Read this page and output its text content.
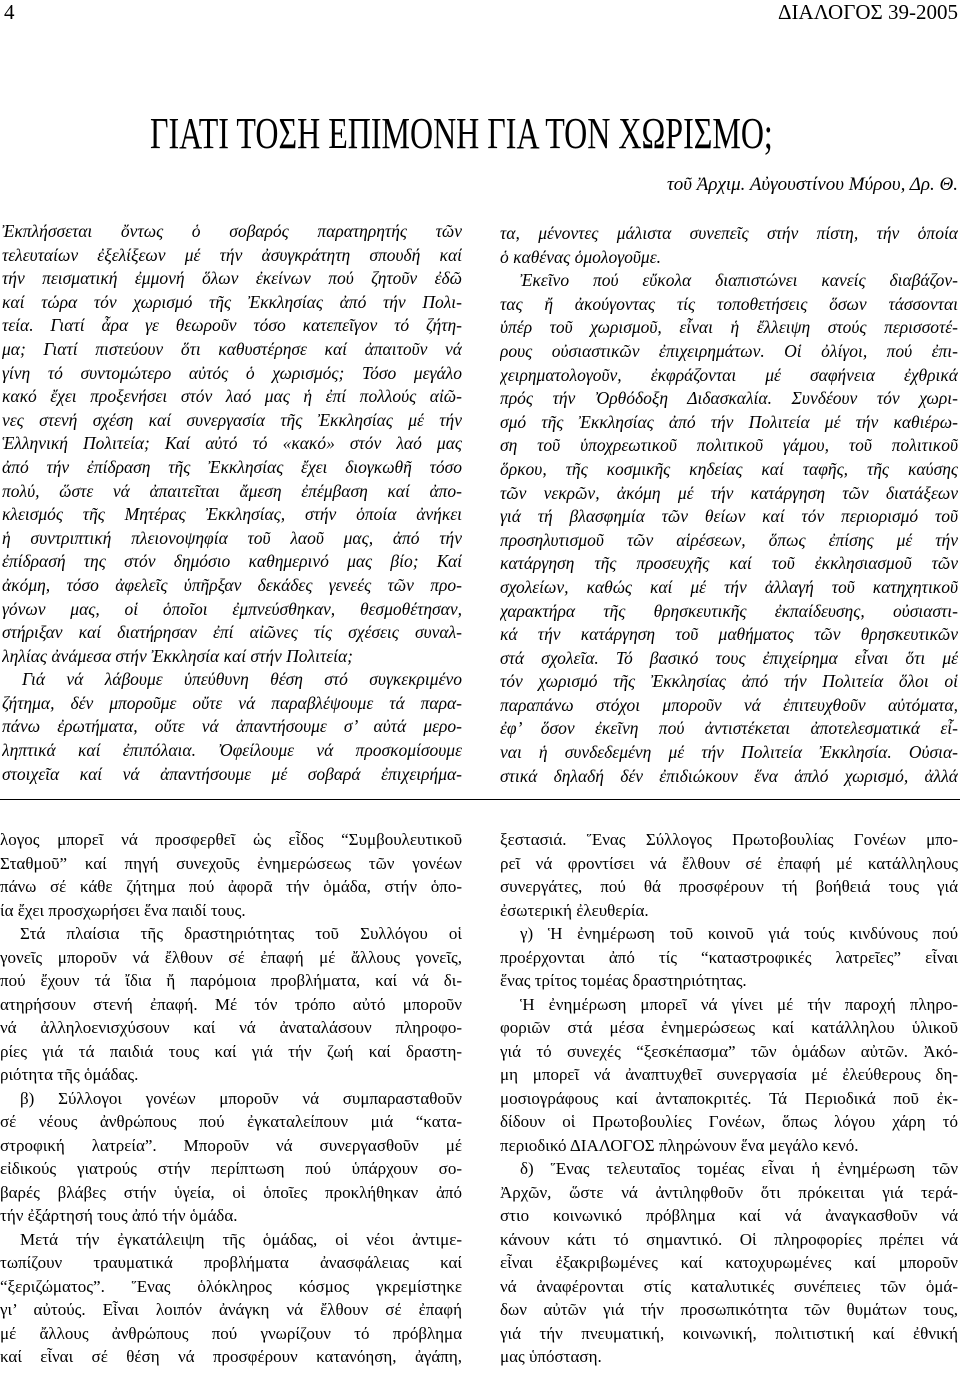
4	ΔΙΑΛΟΓΟΣ 39-2005
ΓΙΑΤΙ ΤΟΣΗ ΕΠΙΜΟΝΗ ΓΙΑ ΤΟΝ ΧΩΡΙΣΜΟ;
τοῦ Ἀρχιμ. Αὐγουστίνου Μύρου, Δρ. Θ.
Ἐκπλήσσεται ὄντως ὁ σοβαρός παρατηρητής τῶν
τελευταίων ἐξελίξεων μέ τήν ἀσυγκράτητη σπουδή καί
τήν πεισματική ἐμμονή ὅλων ἐκείνων πού ζητοῦν ἐδῶ
καί τώρα τόν χωρισμό τῆς Ἐκκλησίας ἀπό τήν Πολι-
τεία. Γιατί ἆρα γε θεωροῦν τόσο κατεπεῖγον τό ζήτη-
μα; Γιατί πιστεύουν ὅτι καθυστέρησε καί ἀπαιτοῦν νά
γίνη τό συντομώτερο αὐτός ὁ χωρισμός; Τόσο μεγάλο
κακό ἔχει προξενήσει στόν λαό μας ἡ ἐπί πολλούς αἰῶ-
νες στενή σχέση καί συνεργασία τῆς Ἐκκλησίας μέ τήν
Ἑλληνική Πολιτεία; Καί αὐτό τό «κακό» στόν λαό μας
ἀπό τήν ἐπίδραση τῆς Ἐκκλησίας ἔχει διογκωθῆ τόσο
πολύ, ὥστε νά ἀπαιτεῖται ἄμεση ἐπέμβαση καί ἀπο-
κλεισμός τῆς Μητέρας Ἐκκλησίας, στήν ὁποία ἀνήκει
ἡ συντριπτική πλειονοψηφία τοῦ λαοῦ μας, ἀπό τήν
ἐπίδρασή της στόν δημόσιο καθημερινό μας βίο; Καί
ἀκόμη, τόσο ἀφελεῖς ὑπῆρξαν δεκάδες γενεές τῶν προ-
γόνων μας, οἱ ὁποῖοι ἐμπνεύσθηκαν, θεσμοθέτησαν,
στήριξαν καί διατήρησαν ἐπί αἰῶνες τίς σχέσεις συναλ-
ληλίας ἀνάμεσα στήν Ἐκκλησία καί στήν Πολιτεία;
Γιά νά λάβουμε ὑπεύθυνη θέση στό συγκεκριμένο
ζήτημα, δέν μποροῦμε οὔτε νά παραβλέψουμε τά παρα-
πάνω ἐρωτήματα, οὔτε νά ἀπαντήσουμε σ’ αὐτά μερο-
ληπτικά καί ἐπιπόλαια. Ὀφείλουμε νά προσκομίσουμε
στοιχεῖα καί νά ἀπαντήσουμε μέ σοβαρά ἐπιχειρήμα-
τα, μένοντες μάλιστα συνεπεῖς στήν πίστη, τήν ὁποία
ὁ καθένας ὁμολογοῦμε.
Ἐκεῖνο πού εὔκολα διαπιστώνει κανείς διαβάζον-
τας ἤ ἀκούγοντας τίς τοποθετήσεις ὅσων τάσσονται
ὑπέρ τοῦ χωρισμοῦ, εἶναι ἡ ἔλλειψη στούς περισσοτέ-
ρους οὐσιαστικῶν ἐπιχειρημάτων. Οἱ ὀλίγοι, πού ἐπι-
χειρηματολογοῦν, ἐκφράζονται μέ σαφήνεια ἐχθρικά
πρός τήν Ὀρθόδοξη Διδασκαλία. Συνδέουν τόν χωρι-
σμό τῆς Ἐκκλησίας ἀπό τήν Πολιτεία μέ τήν καθιέρω-
ση τοῦ ὑποχρεωτικοῦ πολιτικοῦ γάμου, τοῦ πολιτικοῦ
ὅρκου, τῆς κοσμικῆς κηδείας καί ταφῆς, τῆς καύσης
τῶν νεκρῶν, ἀκόμη μέ τήν κατάργηση τῶν διατάξεων
γιά τή βλασφημία τῶν θείων καί τόν περιορισμό τοῦ
προσηλυτισμοῦ τῶν αἱρέσεων, ὅπως ἐπίσης μέ τήν
κατάργηση τῆς προσευχῆς καί τοῦ ἐκκλησιασμοῦ τῶν
σχολείων, καθώς καί μέ τήν ἀλλαγή τοῦ κατηχητικοῦ
χαρακτήρα τῆς θρησκευτικῆς ἐκπαίδευσης, οὐσιαστι-
κά τήν κατάργηση τοῦ μαθήματος τῶν θρησκευτικῶν
στά σχολεῖα. Τό βασικό τους ἐπιχείρημα εἶναι ὅτι μέ
τόν χωρισμό τῆς Ἐκκλησίας ἀπό τήν Πολιτεία ὅλοι οἱ
παραπάνω στόχοι μποροῦν νά ἐπιτευχθοῦν αὐτόματα,
ἐφ’ ὅσον ἐκεῖνη πού ἀντιστέκεται ἀποτελεσματικά εἶ-
ναι ἡ συνδεδεμένη μέ τήν Πολιτεία Ἐκκλησία. Οὐσια-
στικά δηλαδή δέν ἐπιδιώκουν ἕνα ἁπλό χωρισμό, ἀλλά
λογος μπορεῖ νά προσφερθεῖ ὡς εἶδος “Συμβουλευτικοῦ
Σταθμοῦ” καί πηγή συνεχοῦς ἐνημερώσεως τῶν γονέων
πάνω σέ κάθε ζήτημα πού ἀφορᾶ τήν ὁμάδα, στήν ὁπο-
ία ἔχει προσχωρήσει ἕνα παιδί τους.
Στά πλαίσια τῆς δραστηριότητας τοῦ Συλλόγου οἱ
γονεῖς μποροῦν νά ἔλθουν σέ ἐπαφή μέ ἄλλους γονεῖς,
πού ἔχουν τά ἴδια ἤ παρόμοια προβλήματα, καί νά δι-
ατηρήσουν στενή ἐπαφή. Μέ τόν τρόπο αὐτό μποροῦν
νά ἀλληλοενισχύσουν καί νά ἀναταλάσουν πληροφο-
ρίες γιά τά παιδιά τους καί γιά τήν ζωή καί δραστη-
ριότητα τῆς ὁμάδας.
β) Σύλλογοι γονέων μποροῦν νά συμπαρασταθοῦν
σέ νέους ἀνθρώπους πού ἐγκαταλείπουν μιά “κατα-
στροφική λατρεία”. Μποροῦν νά συνεργασθοῦν μέ
εἰδικούς γιατρούς στήν περίπτωση πού ὑπάρχουν σο-
βαρές βλάβες στήν ὑγεία, οἱ ὁποῖες προκλήθηκαν ἀπό
τήν ἐξάρτησή τους ἀπό τήν ὁμάδα.
Μετά τήν ἐγκατάλειψη τῆς ὁμάδας, οἱ νέοι ἀντιμε-
τωπίζουν τραυματικά προβλήματα ἀνασφάλειας καί
“ξεριζώματος”. Ἕνας ὁλόκληρος κόσμος γκρεμίστηκε
γι’ αὐτούς. Εἶναι λοιπόν ἀνάγκη νά ἔλθουν σέ ἐπαφή
μέ ἄλλους ἀνθρώπους πού γνωρίζουν τό πρόβλημα
καί εἶναι σέ θέση νά προσφέρουν κατανόηση, ἀγάπη,
ξεστασιά. Ἕνας Σύλλογος Πρωτοβουλίας Γονέων μπο-
ρεῖ νά φροντίσει νά ἔλθουν σέ ἐπαφή μέ κατάλληλους
συνεργάτες, πού θά προσφέρουν τή βοήθειά τους γιά
ἐσωτερική ἐλευθερία.
γ) Ἡ ἐνημέρωση τοῦ κοινοῦ γιά τούς κινδύνους πού
προέρχονται ἀπό τίς “καταστροφικές λατρεῖες” εἶναι
ἕνας τρίτος τομέας δραστηριότητας.
Ἡ ἐνημέρωση μπορεῖ νά γίνει μέ τήν παροχή πληρο-
φοριῶν στά μέσα ἐνημερώσεως καί κατάλληλου ὑλικοῦ
γιά τό συνεχές “ξεσκέπασμα” τῶν ὁμάδων αὐτῶν. Ἀκό-
μη μπορεῖ νά ἀναπτυχθεῖ συνεργασία μέ ἐλεύθερους δη-
μοσιογράφους καί ἀνταποκριτές. Τά Περιοδικά ποῦ ἐκ-
δίδουν οἱ Πρωτοβουλίες Γονέων, ὅπως λόγου χάρη τό
περιοδικό ΔΙΑΛΟΓΟΣ πληρώνουν ἕνα μεγάλο κενό.
δ) Ἕνας τελευταῖος τομέας εἶναι ἡ ἐνημέρωση τῶν
Ἀρχῶν, ὥστε νά ἀντιληφθοῦν ὅτι πρόκειται γιά τερά-
στιο κοινωνικό πρόβλημα καί νά ἀναγκασθοῦν νά
κάνουν κάτι τό σημαντικό. Οἱ πληροφορίες πρέπει νά
εἶναι ἐξακριβωμένες καί κατοχυρωμένες καί μποροῦν
νά ἀναφέρονται στίς καταλυτικές συνέπειες τῶν ὁμά-
δων αὐτῶν γιά τήν προσωπικότητα τῶν θυμάτων τους,
γιά τήν πνευματική, κοινωνική, πολιτιστική καί ἐθνική
μας ὑπόσταση.
